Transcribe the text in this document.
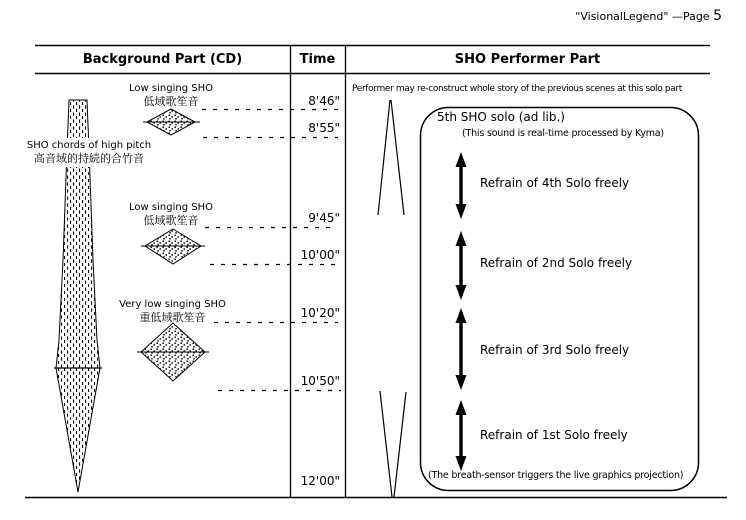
"VisionalLegend" —Page 5
Background Part (CD)	Time	SHO Performer Part
Low singing SHO
低域歌笙音
Low singing SHO
低域歌笙音
Very low singing SHO
重低域歌笙音
SHO chords of high pitch
高音域的持続的合竹音
8'46"
8'55"
9'45"
10'00"
10'20"
10'50"
12'00"
Performer may re-construct whole story of the previous scenes at this solo part
5th SHO solo (ad lib.)
(This sound is real-time processed by Kyma)
Refrain of 4th Solo freely
Refrain of 2nd Solo freely
Refrain of 3rd Solo freely
Refrain of 1st Solo freely
(The breath-sensor triggers the live graphics projection)
